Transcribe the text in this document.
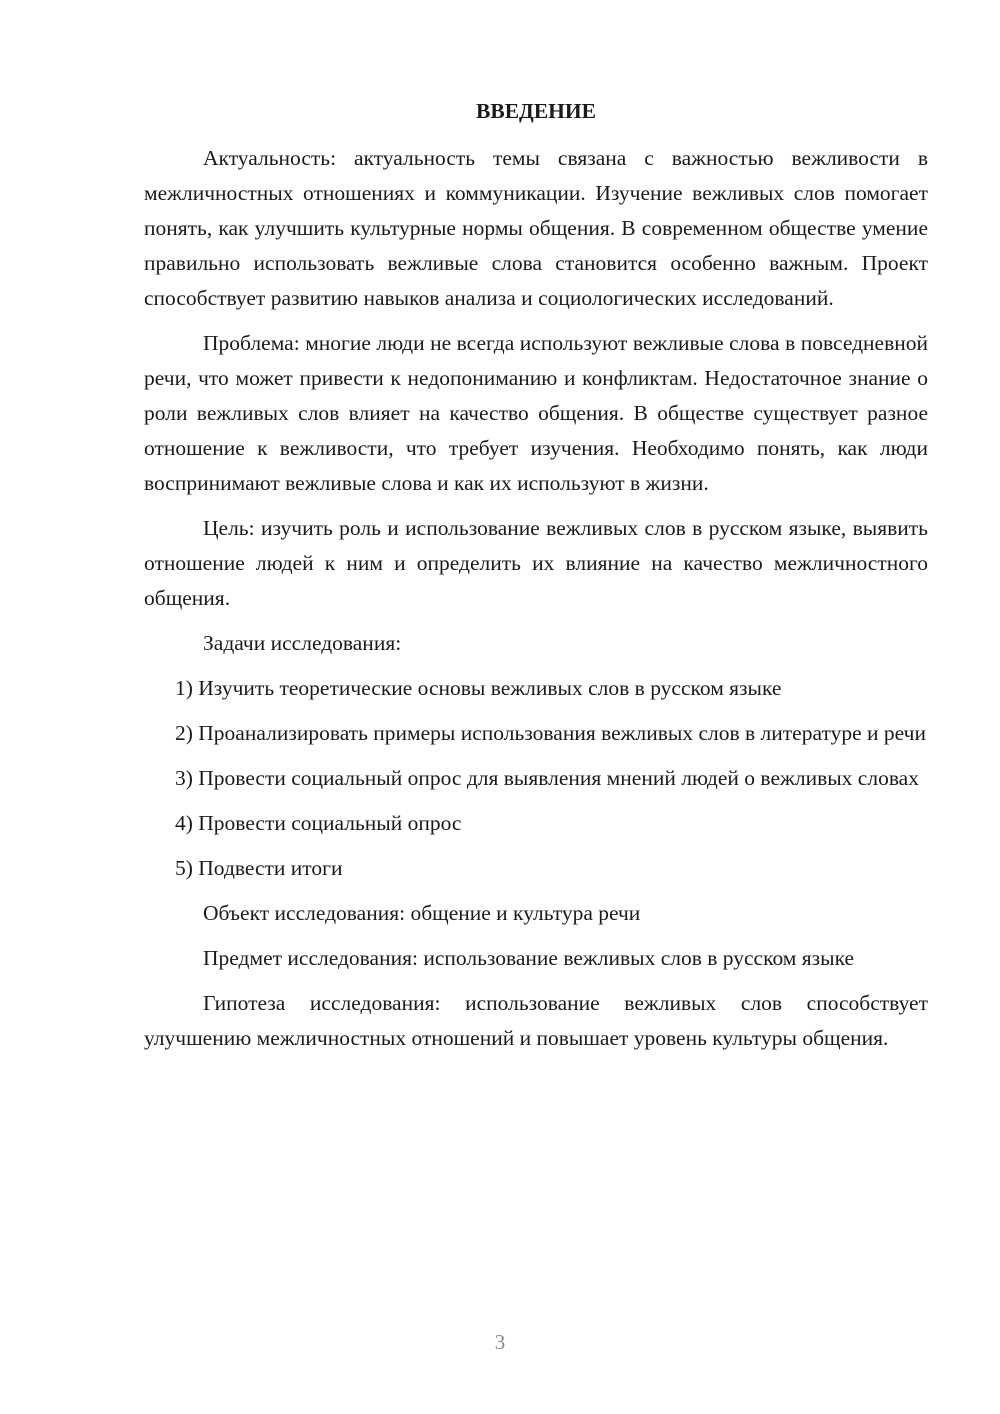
ВВЕДЕНИЕ

Актуальность: актуальность темы связана с важностью вежливости в межличностных отношениях и коммуникации. Изучение вежливых слов помогает понять, как улучшить культурные нормы общения. В современном обществе умение правильно использовать вежливые слова становится особенно важным. Проект способствует развитию навыков анализа и социологических исследований.

Проблема: многие люди не всегда используют вежливые слова в повседневной речи, что может привести к недопониманию и конфликтам. Недостаточное знание о роли вежливых слов влияет на качество общения. В обществе существует разное отношение к вежливости, что требует изучения. Необходимо понять, как люди воспринимают вежливые слова и как их используют в жизни.

Цель: изучить роль и использование вежливых слов в русском языке, выявить отношение людей к ним и определить их влияние на качество межличностного общения.

Задачи исследования:

1) Изучить теоретические основы вежливых слов в русском языке

2) Проанализировать примеры использования вежливых слов в литературе и речи

3) Провести социальный опрос для выявления мнений людей о вежливых словах

4) Провести социальный опрос

5) Подвести итоги

Объект исследования: общение и культура речи

Предмет исследования: использование вежливых слов в русском языке

Гипотеза исследования: использование вежливых слов способствует улучшению межличностных отношений и повышает уровень культуры общения.

3
